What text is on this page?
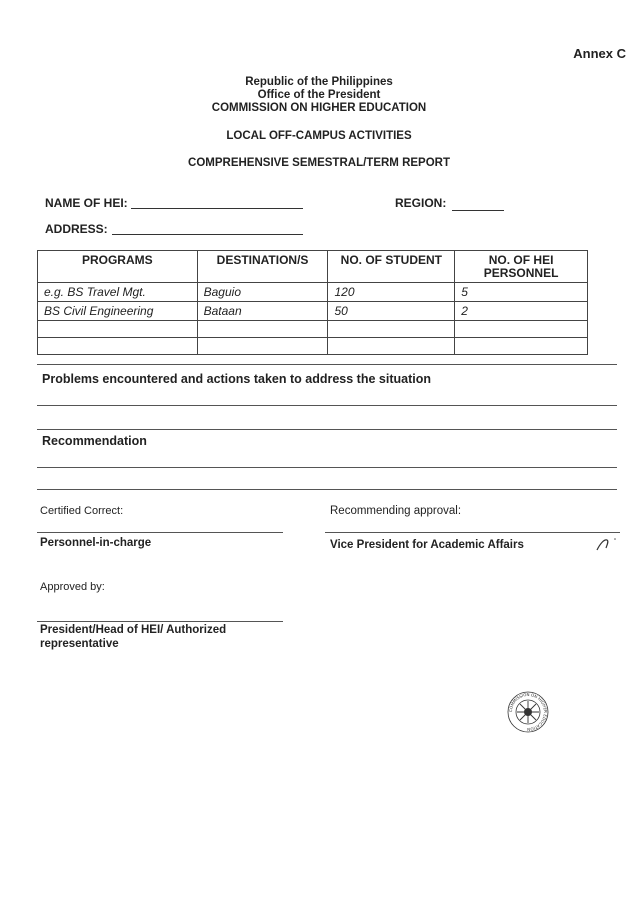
Annex C
Republic of the Philippines
Office of the President
COMMISSION ON HIGHER EDUCATION
LOCAL OFF-CAMPUS ACTIVITIES
COMPREHENSIVE SEMESTRAL/TERM REPORT
NAME OF HEI:	REGION:
ADDRESS:
PROGRAMS	DESTINATION/S	NO. OF STUDENT	NO. OF HEI PERSONNEL
e.g. BS Travel Mgt.	Baguio	120	5
BS Civil Engineering	Bataan	50	2

Problems encountered and actions taken to address the situation
Recommendation
Certified Correct:	Recommending approval:
Personnel-in-charge	Vice President for Academic Affairs
Approved by:
President/Head of HEI/ Authorized representative
COMMISSION ON HIGHER EDUCATION
